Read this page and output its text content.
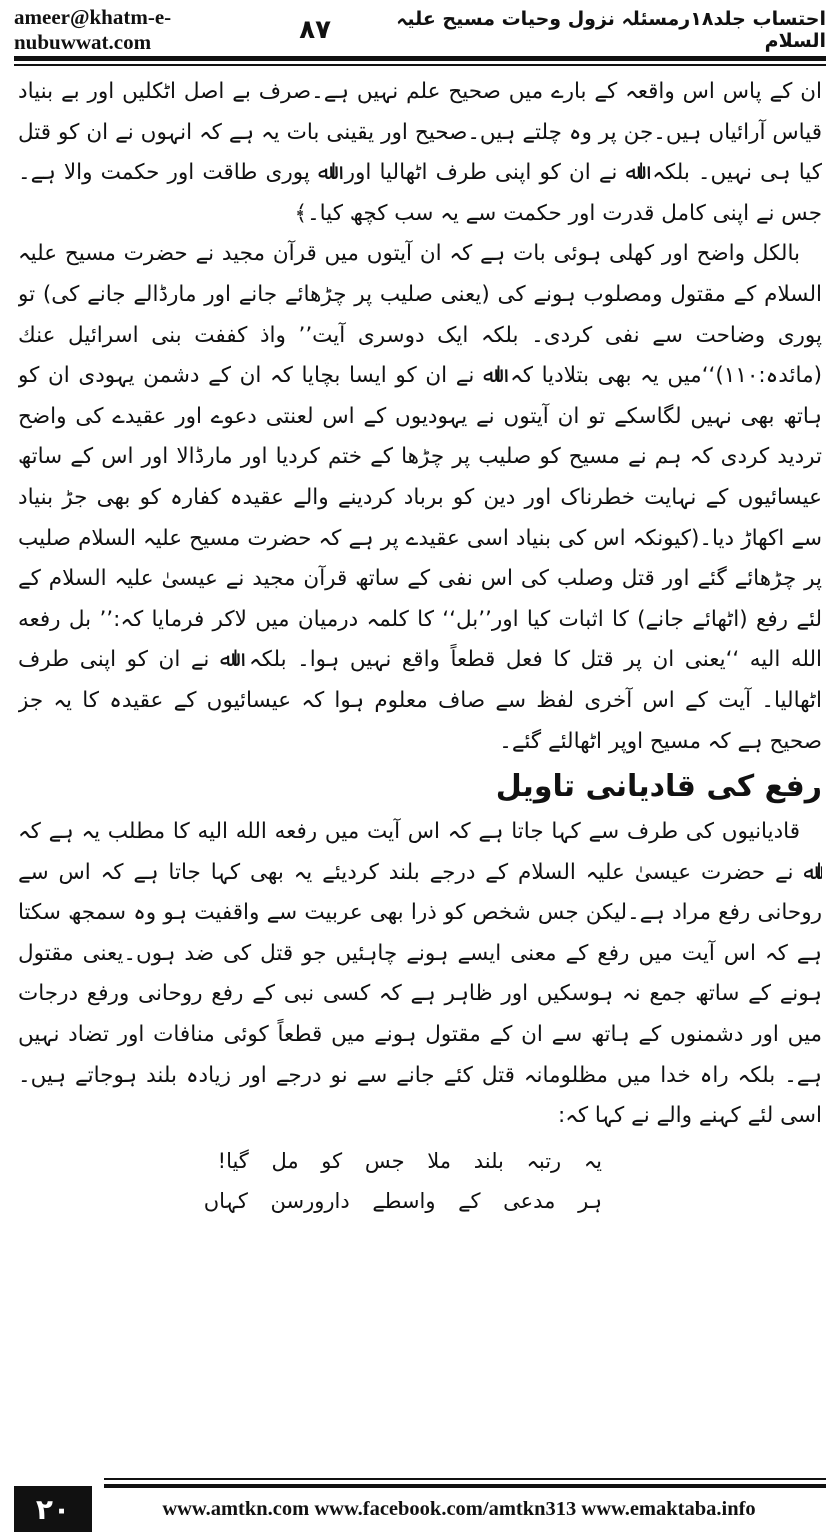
ameer@khatm-e-nubuwwat.com
احتساب جلد۱۸رمسئلہ نزول وحیات مسیح علیہ السلام
۸۷

ان کے پاس اس واقعہ کے بارے میں صحیح علم نہیں ہے۔صرف بے اصل اٹکلیں اور بے بنیاد قیاس آرائیاں ہیں۔جن پر وہ چلتے ہیں۔صحیح اور یقینی بات یہ ہے کہ انہوں نے ان کو قتل کیا ہی نہیں۔ بلکہ اﷲ نے ان کو اپنی طرف اٹھالیا اور اﷲ پوری طاقت اور حکمت والا ہے۔جس نے اپنی کامل قدرت اور حکمت سے یہ سب کچھ کیا۔﴾

بالکل واضح اور کھلی ہوئی بات ہے کہ ان آیتوں میں قرآن مجید نے حضرت مسیح علیہ السلام کے مقتول ومصلوب ہونے کی (یعنی صلیب پر چڑھائے جانے اور مارڈالے جانے کی) تو پوری وضاحت سے نفی کردی۔ بلکہ ایک دوسری آیت’’ واذ کففت بنی اسرائیل عنك (مائدہ:۱۱۰)‘‘میں یہ بھی بتلادیا کہ اﷲ نے ان کو ایسا بچایا کہ ان کے دشمن یہودی ان کو ہاتھ بھی نہیں لگاسکے تو ان آیتوں نے یہودیوں کے اس لعنتی دعوے اور عقیدے کی واضح تردید کردی کہ ہم نے مسیح کو صلیب پر چڑھا کے ختم کردیا اور مارڈالا اور اس کے ساتھ عیسائیوں کے نہایت خطرناک اور دین کو برباد کردینے والے عقیدہ کفارہ کو بھی جڑ بنیاد سے اکھاڑ دیا۔(کیونکہ اس کی بنیاد اسی عقیدے پر ہے کہ حضرت مسیح علیہ السلام صلیب پر چڑھائے گئے اور قتل وصلب کی اس نفی کے ساتھ قرآن مجید نے عیسیٰ علیہ السلام کے لئے رفع (اٹھائے جانے) کا اثبات کیا اور’’بل‘‘ کا کلمہ درمیان میں لاکر فرمایا کہ:’’ بل رفعه الله الیه ‘‘یعنی ان پر قتل کا فعل قطعاً واقع نہیں ہوا۔ بلکہ اﷲ نے ان کو اپنی طرف اٹھالیا۔ آیت کے اس آخری لفظ سے صاف معلوم ہوا کہ عیسائیوں کے عقیدہ کا یہ جز صحیح ہے کہ مسیح اوپر اٹھالئے گئے۔

رفع کی قادیانی تاویل

قادیانیوں کی طرف سے کہا جاتا ہے کہ اس آیت میں رفعه الله الیه کا مطلب یہ ہے کہ اﷲ نے حضرت عیسیٰ علیہ السلام کے درجے بلند کردیئے یہ بھی کہا جاتا ہے کہ اس سے روحانی رفع مراد ہے۔لیکن جس شخص کو ذرا بھی عربیت سے واقفیت ہو وہ سمجھ سکتا ہے کہ اس آیت میں رفع کے معنی ایسے ہونے چاہئیں جو قتل کی ضد ہوں۔یعنی مقتول ہونے کے ساتھ جمع نہ ہوسکیں اور ظاہر ہے کہ کسی نبی کے رفع روحانی ورفع درجات میں اور دشمنوں کے ہاتھ سے ان کے مقتول ہونے میں قطعاً کوئی منافات اور تضاد نہیں ہے۔ بلکہ راہ خدا میں مظلومانہ قتل کئے جانے سے نو درجے اور زیادہ بلند ہوجاتے ہیں۔اسی لئے کہنے والے نے کہا کہ:

یہ رتبہ بلند ملا جس کو مل گیا!
ہر مدعی کے واسطے دارورسن کہاں
۲۰	www.amtkn.com www.facebook.com/amtkn313 www.emaktaba.info
